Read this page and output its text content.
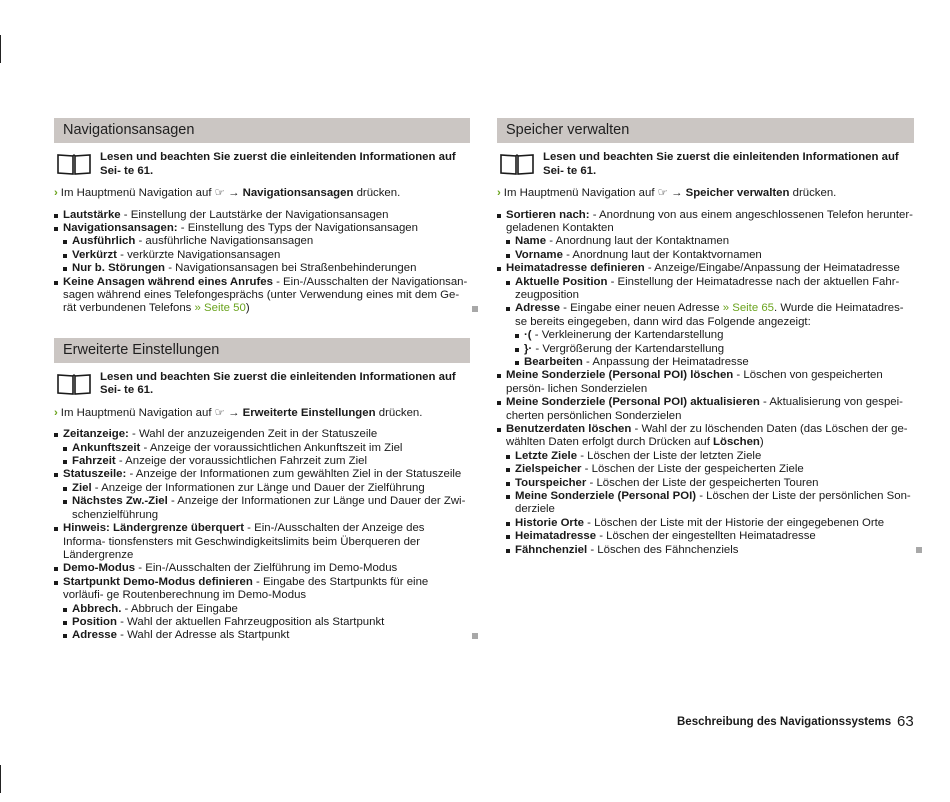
Navigationsansagen
Lesen und beachten Sie zuerst die einleitenden Informationen auf Sei- te 61.
› Im Hauptmenü Navigation auf ☞ → Navigationsansagen drücken.
Lautstärke - Einstellung der Lautstärke der Navigationsansagen
Navigationsansagen: - Einstellung des Typs der Navigationsansagen
Ausführlich - ausführliche Navigationsansagen
Verkürzt - verkürzte Navigationsansagen
Nur b. Störungen - Navigationsansagen bei Straßenbehinderungen
Keine Ansagen während eines Anrufes - Ein-/Ausschalten der Navigationsan- sagen während eines Telefongesprächs (unter Verwendung eines mit dem Ge- rät verbundenen Telefons » Seite 50)
Erweiterte Einstellungen
Lesen und beachten Sie zuerst die einleitenden Informationen auf Sei- te 61.
› Im Hauptmenü Navigation auf ☞ → Erweiterte Einstellungen drücken.
Zeitanzeige: - Wahl der anzuzeigenden Zeit in der Statuszeile
Ankunftszeit - Anzeige der voraussichtlichen Ankunftszeit im Ziel
Fahrzeit - Anzeige der voraussichtlichen Fahrzeit zum Ziel
Statuszeile: - Anzeige der Informationen zum gewählten Ziel in der Statuszeile
Ziel - Anzeige der Informationen zur Länge und Dauer der Zielführung
Nächstes Zw.-Ziel - Anzeige der Informationen zur Länge und Dauer der Zwi- schenzielführung
Hinweis: Ländergrenze überquert - Ein-/Ausschalten der Anzeige des Informa- tionsfensters mit Geschwindigkeitslimits beim Überqueren der Ländergrenze
Demo-Modus - Ein-/Ausschalten der Zielführung im Demo-Modus
Startpunkt Demo-Modus definieren - Eingabe des Startpunkts für eine vorläufi- ge Routenberechnung im Demo-Modus
Abbrech. - Abbruch der Eingabe
Position - Wahl der aktuellen Fahrzeugposition als Startpunkt
Adresse - Wahl der Adresse als Startpunkt
Speicher verwalten
Lesen und beachten Sie zuerst die einleitenden Informationen auf Sei- te 61.
› Im Hauptmenü Navigation auf ☞ → Speicher verwalten drücken.
Sortieren nach: - Anordnung von aus einem angeschlossenen Telefon herunter- geladenen Kontakten
Name - Anordnung laut der Kontaktnamen
Vorname - Anordnung laut der Kontaktvornamen
Heimatadresse definieren - Anzeige/Eingabe/Anpassung der Heimatadresse
Aktuelle Position - Einstellung der Heimatadresse nach der aktuellen Fahr- zeugposition
Adresse - Eingabe einer neuen Adresse » Seite 65. Wurde die Heimatadres- se bereits eingegeben, dann wird das Folgende angezeigt:
·( - Verkleinerung der Kartendarstellung
}· - Vergrößerung der Kartendarstellung
Bearbeiten - Anpassung der Heimatadresse
Meine Sonderziele (Personal POI) löschen - Löschen von gespeicherten persön- lichen Sonderzielen
Meine Sonderziele (Personal POI) aktualisieren - Aktualisierung von gespei- cherten persönlichen Sonderzielen
Benutzerdaten löschen - Wahl der zu löschenden Daten (das Löschen der ge- wählten Daten erfolgt durch Drücken auf Löschen)
Letzte Ziele - Löschen der Liste der letzten Ziele
Zielspeicher - Löschen der Liste der gespeicherten Ziele
Tourspeicher - Löschen der Liste der gespeicherten Touren
Meine Sonderziele (Personal POI) - Löschen der Liste der persönlichen Son- derziele
Historie Orte - Löschen der Liste mit der Historie der eingegebenen Orte
Heimatadresse - Löschen der eingestellten Heimatadresse
Fähnchenziel - Löschen des Fähnchenziels
Beschreibung des Navigationssystems 63
